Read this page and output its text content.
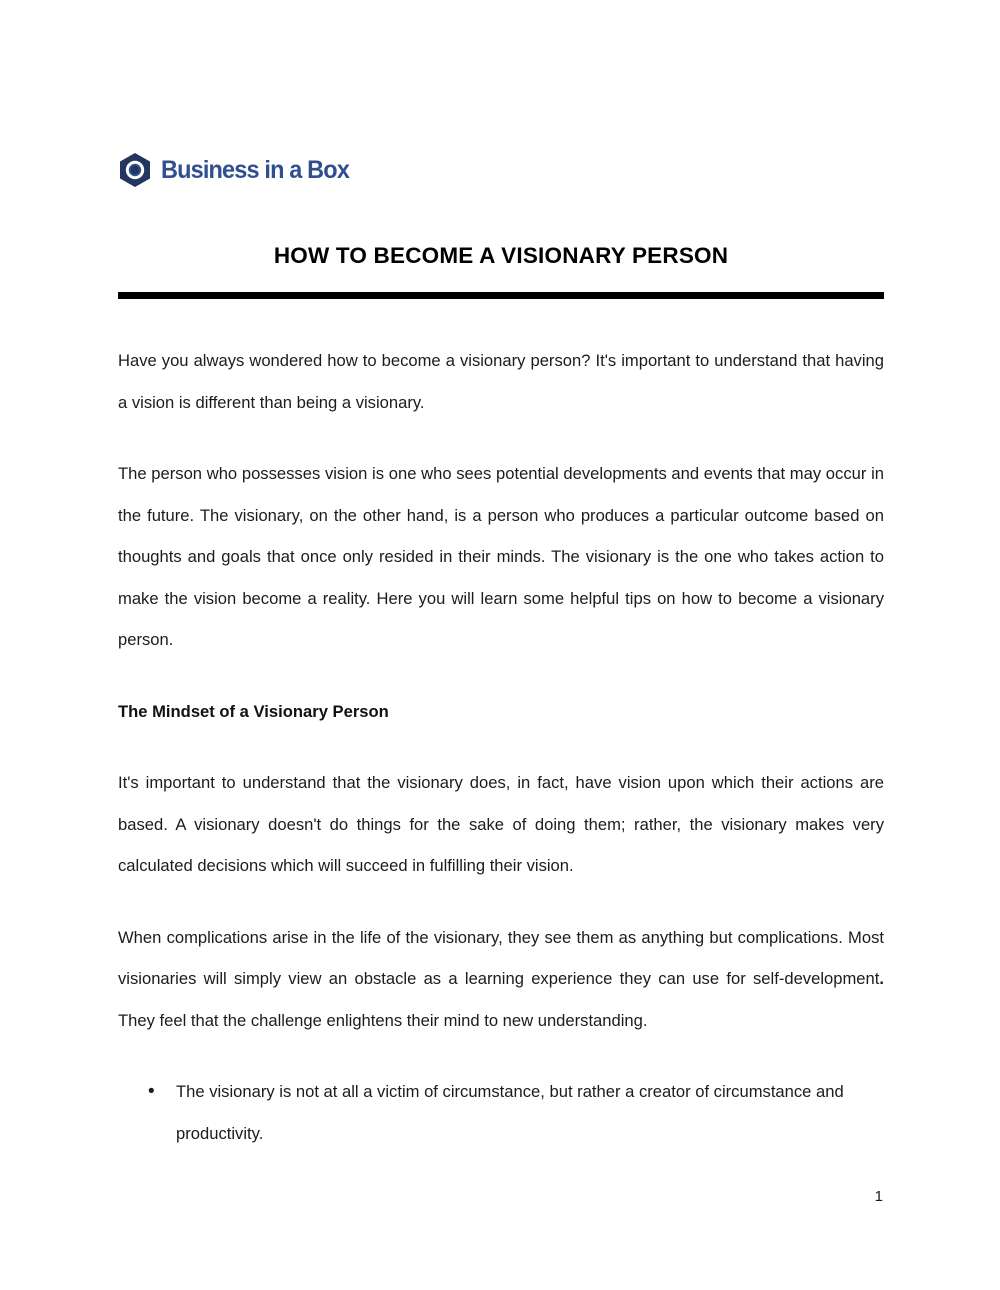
Business in a Box
HOW TO BECOME A VISIONARY PERSON

Have you always wondered how to become a visionary person? It's important to understand that having a vision is different than being a visionary.

The person who possesses vision is one who sees potential developments and events that may occur in the future. The visionary, on the other hand, is a person who produces a particular outcome based on thoughts and goals that once only resided in their minds. The visionary is the one who takes action to make the vision become a reality. Here you will learn some helpful tips on how to become a visionary person.

The Mindset of a Visionary Person

It's important to understand that the visionary does, in fact, have vision upon which their actions are based. A visionary doesn't do things for the sake of doing them; rather, the visionary makes very calculated decisions which will succeed in fulfilling their vision.

When complications arise in the life of the visionary, they see them as anything but complications. Most visionaries will simply view an obstacle as a learning experience they can use for self-development. They feel that the challenge enlightens their mind to new understanding.

• The visionary is not at all a victim of circumstance, but rather a creator of circumstance and productivity.
1
